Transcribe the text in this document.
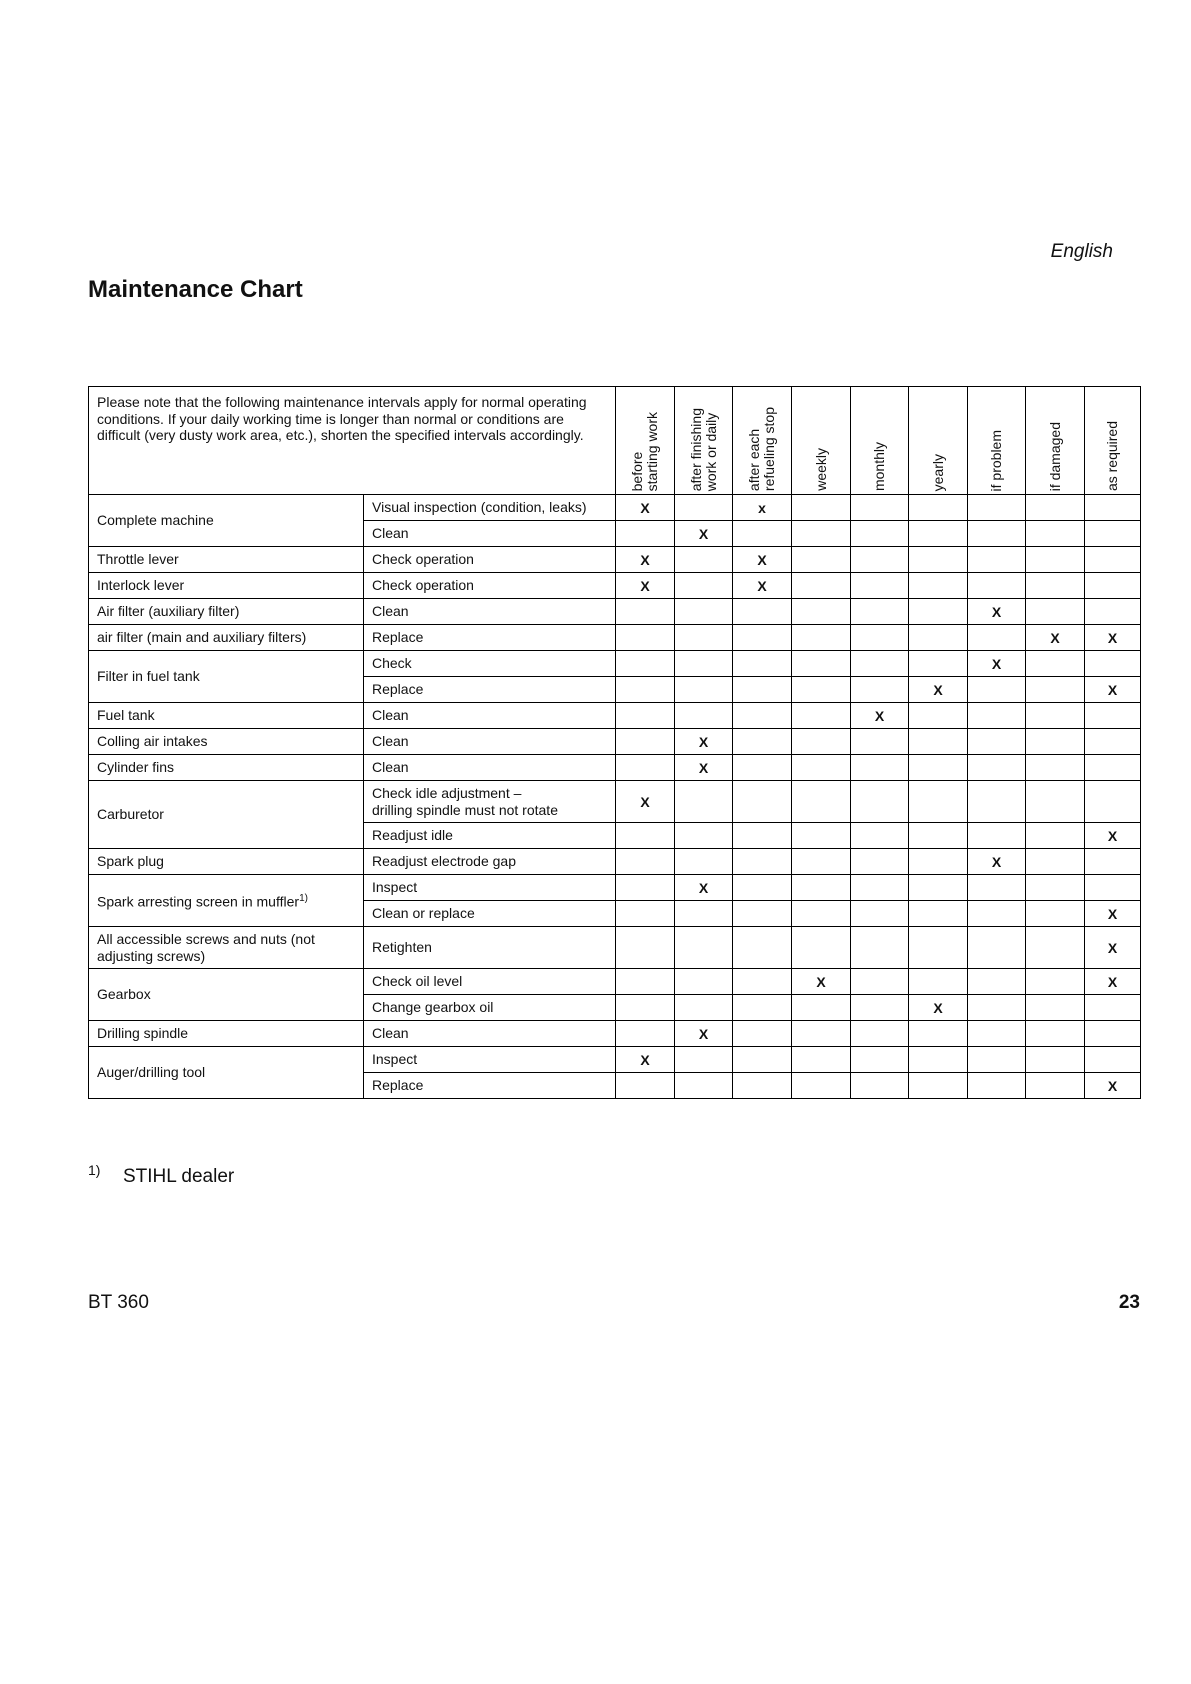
English
Maintenance Chart
Please note that the following maintenance intervals apply for normal operating conditions. If your daily working time is longer than normal or conditions are difficult (very dusty work area, etc.), shorten the specified intervals accordingly.		before
starting work	after finishing
work or daily	after each
refueling stop	weekly	monthly	yearly	if problem	if damaged	as required
Complete machine	Visual inspection (condition, leaks)	X		x						
	Clean		X							
Throttle lever	Check operation	X		X						
Interlock lever	Check operation	X		X						
Air filter (auxiliary filter)	Clean							X		
air filter (main and auxiliary filters)	Replace								X	X
Filter in fuel tank	Check							X		
	Replace						X			X
Fuel tank	Clean					X				
Colling air intakes	Clean		X							
Cylinder fins	Clean		X							
Carburetor	Check idle adjustment –
drilling spindle must not rotate	X								
	Readjust idle									X
Spark plug	Readjust electrode gap							X		
Spark arresting screen in muffler$^{1)}$	Inspect		X							
	Clean or replace									X
All accessible screws and nuts (not adjusting screws)	Retighten									X
Gearbox	Check oil level				X					X
	Change gearbox oil						X			
Drilling spindle	Clean		X							
Auger/drilling tool	Inspect	X								
	Replace									X
1) STIHL dealer
BT 360	23
